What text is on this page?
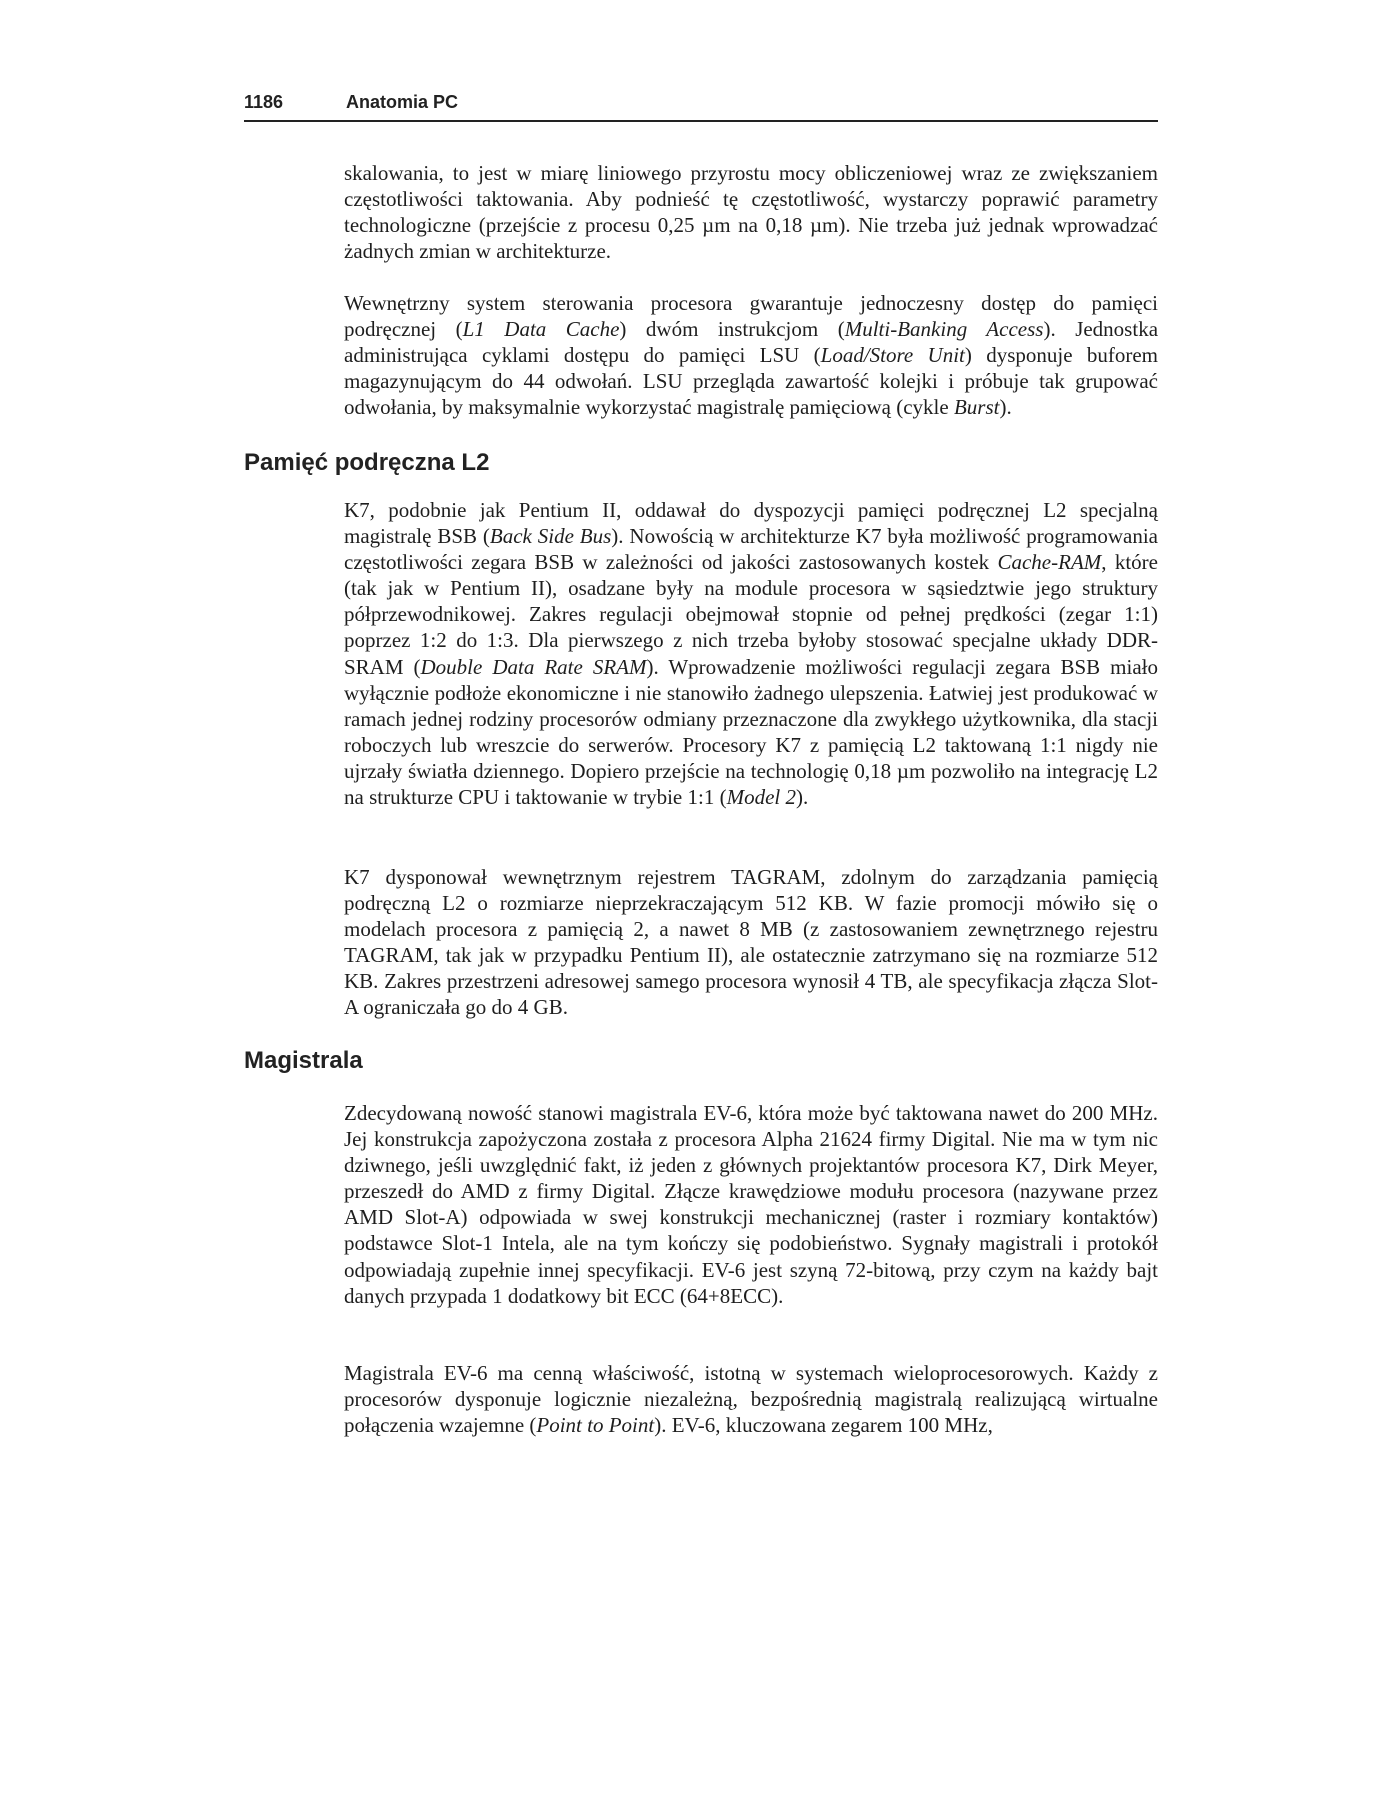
1186	Anatomia PC
skalowania, to jest w miarę liniowego przyrostu mocy obliczeniowej wraz ze zwiększaniem częstotliwości taktowania. Aby podnieść tę częstotliwość, wystarczy poprawić parametry technologiczne (przejście z procesu 0,25 µm na 0,18 µm). Nie trzeba już jednak wprowadzać żadnych zmian w architekturze.
Wewnętrzny system sterowania procesora gwarantuje jednoczesny dostęp do pamięci podręcznej (L1 Data Cache) dwóm instrukcjom (Multi-Banking Access). Jednostka administrująca cyklami dostępu do pamięci LSU (Load/Store Unit) dysponuje buforem magazynującym do 44 odwołań. LSU przegląda zawartość kolejki i próbuje tak grupować odwołania, by maksymalnie wykorzystać magistralę pamięciową (cykle Burst).
Pamięć podręczna L2
K7, podobnie jak Pentium II, oddawał do dyspozycji pamięci podręcznej L2 specjalną magistralę BSB (Back Side Bus). Nowością w architekturze K7 była możliwość programowania częstotliwości zegara BSB w zależności od jakości zastosowanych kostek Cache-RAM, które (tak jak w Pentium II), osadzane były na module procesora w sąsiedztwie jego struktury półprzewodnikowej. Zakres regulacji obejmował stopnie od pełnej prędkości (zegar 1:1) poprzez 1:2 do 1:3. Dla pierwszego z nich trzeba byłoby stosować specjalne układy DDR-SRAM (Double Data Rate SRAM). Wprowadzenie możliwości regulacji zegara BSB miało wyłącznie podłoże ekonomiczne i nie stanowiło żadnego ulepszenia. Łatwiej jest produkować w ramach jednej rodziny procesorów odmiany przeznaczone dla zwykłego użytkownika, dla stacji roboczych lub wreszcie do serwerów. Procesory K7 z pamięcią L2 taktowaną 1:1 nigdy nie ujrzały światła dziennego. Dopiero przejście na technologię 0,18 µm pozwoliło na integrację L2 na strukturze CPU i taktowanie w trybie 1:1 (Model 2).
K7 dysponował wewnętrznym rejestrem TAGRAM, zdolnym do zarządzania pamięcią podręczną L2 o rozmiarze nieprzekraczającym 512 KB. W fazie promocji mówiło się o modelach procesora z pamięcią 2, a nawet 8 MB (z zastosowaniem zewnętrznego rejestru TAGRAM, tak jak w przypadku Pentium II), ale ostatecznie zatrzymano się na rozmiarze 512 KB. Zakres przestrzeni adresowej samego procesora wynosił 4 TB, ale specyfikacja złącza Slot-A ograniczała go do 4 GB.
Magistrala
Zdecydowaną nowość stanowi magistrala EV-6, która może być taktowana nawet do 200 MHz. Jej konstrukcja zapożyczona została z procesora Alpha 21624 firmy Digital. Nie ma w tym nic dziwnego, jeśli uwzględnić fakt, iż jeden z głównych projektantów procesora K7, Dirk Meyer, przeszedł do AMD z firmy Digital. Złącze krawędziowe modułu procesora (nazywane przez AMD Slot-A) odpowiada w swej konstrukcji mechanicznej (raster i rozmiary kontaktów) podstawce Slot-1 Intela, ale na tym kończy się podobieństwo. Sygnały magistrali i protokół odpowiadają zupełnie innej specyfikacji. EV-6 jest szyną 72-bitową, przy czym na każdy bajt danych przypada 1 dodatkowy bit ECC (64+8ECC).
Magistrala EV-6 ma cenną właściwość, istotną w systemach wieloprocesorowych. Każdy z procesorów dysponuje logicznie niezależną, bezpośrednią magistralą realizującą wirtualne połączenia wzajemne (Point to Point). EV-6, kluczowana zegarem 100 MHz,
